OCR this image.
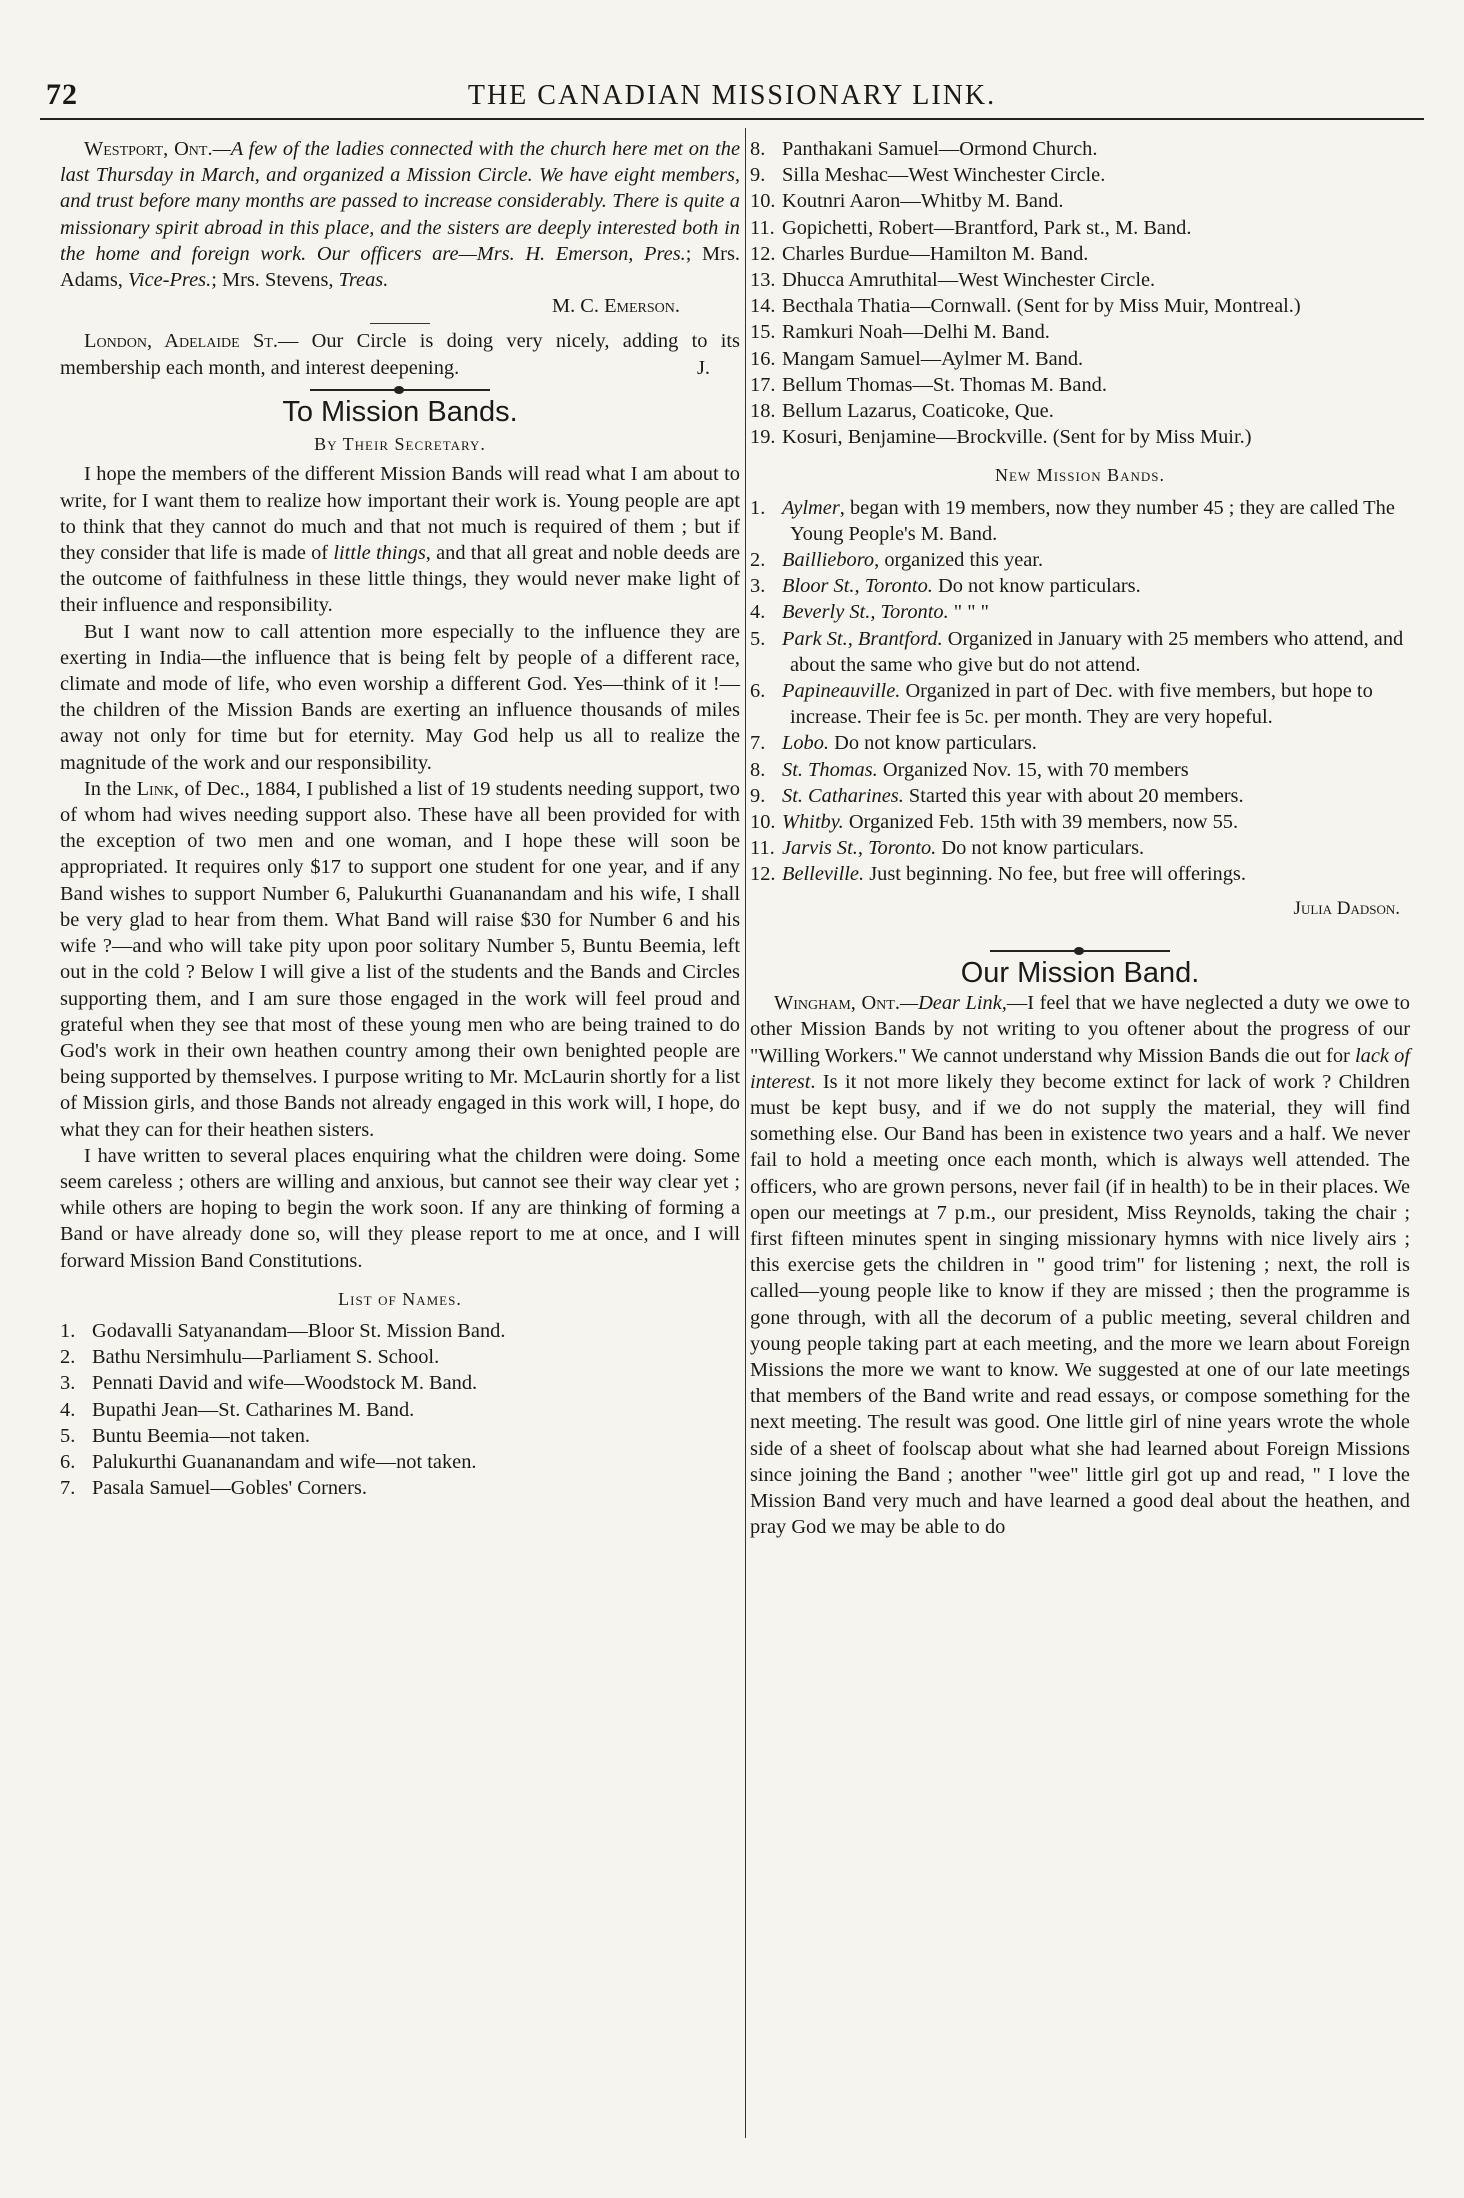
72	THE CANADIAN MISSIONARY LINK.

Westport, Ont.—A few of the ladies connected with the church here met on the last Thursday in March, and organized a Mission Circle. We have eight members, and trust before many months are passed to increase considerably. There is quite a missionary spirit abroad in this place, and the sisters are deeply interested both in the home and foreign work. Our officers are—Mrs. H. Emerson, Pres.; Mrs. Adams, Vice-Pres.; Mrs. Stevens, Treas.

M. C. Emerson.

London, Adelaide St.— Our Circle is doing very nicely, adding to its membership each month, and interest deepening.	J.

To Mission Bands.
By Their Secretary.

I hope the members of the different Mission Bands will read what I am about to write, for I want them to realize how important their work is. Young people are apt to think that they cannot do much and that not much is required of them ; but if they consider that life is made of little things, and that all great and noble deeds are the outcome of faithfulness in these little things, they would never make light of their influence and responsibility.

But I want now to call attention more especially to the influence they are exerting in India—the influence that is being felt by people of a different race, climate and mode of life, who even worship a different God. Yes—think of it !—the children of the Mission Bands are exerting an influence thousands of miles away not only for time but for eternity. May God help us all to realize the magnitude of the work and our responsibility.

In the Link, of Dec., 1884, I published a list of 19 students needing support, two of whom had wives needing support also. These have all been provided for with the exception of two men and one woman, and I hope these will soon be appropriated. It requires only $17 to support one student for one year, and if any Band wishes to support Number 6, Palukurthi Guananandam and his wife, I shall be very glad to hear from them. What Band will raise $30 for Number 6 and his wife ?—and who will take pity upon poor solitary Number 5, Buntu Beemia, left out in the cold ? Below I will give a list of the students and the Bands and Circles supporting them, and I am sure those engaged in the work will feel proud and grateful when they see that most of these young men who are being trained to do God's work in their own heathen country among their own benighted people are being supported by themselves. I purpose writing to Mr. McLaurin shortly for a list of Mission girls, and those Bands not already engaged in this work will, I hope, do what they can for their heathen sisters.

I have written to several places enquiring what the children were doing. Some seem careless ; others are willing and anxious, but cannot see their way clear yet ; while others are hoping to begin the work soon. If any are thinking of forming a Band or have already done so, will they please report to me at once, and I will forward Mission Band Constitutions.

List of Names.
1. Godavalli Satyanandam—Bloor St. Mission Band.
2. Bathu Nersimhulu—Parliament S. School.
3. Pennati David and wife—Woodstock M. Band.
4. Bupathi Jean—St. Catharines M. Band.
5. Buntu Beemia—not taken.
6. Palukurthi Guananandam and wife—not taken.
7. Pasala Samuel—Gobles' Corners.
8. Panthakani Samuel—Ormond Church.
9. Silla Meshac—West Winchester Circle.
10. Koutnri Aaron—Whitby M. Band.
11. Gopichetti, Robert—Brantford, Park st., M. Band.
12. Charles Burdue—Hamilton M. Band.
13. Dhucca Amruthital—West Winchester Circle.
14. Becthala Thatia—Cornwall. (Sent for by Miss Muir, Montreal.)
15. Ramkuri Noah—Delhi M. Band.
16. Mangam Samuel—Aylmer M. Band.
17. Bellum Thomas—St. Thomas M. Band.
18. Bellum Lazarus, Coaticoke, Que.
19. Kosuri, Benjamine—Brockville. (Sent for by Miss Muir.)
New Mission Bands.
1. Aylmer, began with 19 members, now they number 45 ; they are called The Young People's M. Band.
2. Baillieboro, organized this year.
3. Bloor St., Toronto. Do not know particulars.
4. Beverly St., Toronto. " " "
5. Park St., Brantford. Organized in January with 25 members who attend, and about the same who give but do not attend.
6. Papineauville. Organized in part of Dec. with five members, but hope to increase. Their fee is 5c. per month. They are very hopeful.
7. Lobo. Do not know particulars.
8. St. Thomas. Organized Nov. 15, with 70 members
9. St. Catharines. Started this year with about 20 members.
10. Whitby. Organized Feb. 15th with 39 members, now 55.
11. Jarvis St., Toronto. Do not know particulars.
12. Belleville. Just beginning. No fee, but free will offerings.

Julia Dadson.

Our Mission Band.

Wingham, Ont.—Dear Link,—I feel that we have neglected a duty we owe to other Mission Bands by not writing to you oftener about the progress of our "Willing Workers." We cannot understand why Mission Bands die out for lack of interest. Is it not more likely they become extinct for lack of work ? Children must be kept busy, and if we do not supply the material, they will find something else. Our Band has been in existence two years and a half. We never fail to hold a meeting once each month, which is always well attended. The officers, who are grown persons, never fail (if in health) to be in their places. We open our meetings at 7 p.m., our president, Miss Reynolds, taking the chair ; first fifteen minutes spent in singing missionary hymns with nice lively airs ; this exercise gets the children in " good trim" for listening ; next, the roll is called—young people like to know if they are missed ; then the programme is gone through, with all the decorum of a public meeting, several children and young people taking part at each meeting, and the more we learn about Foreign Missions the more we want to know. We suggested at one of our late meetings that members of the Band write and read essays, or compose something for the next meeting. The result was good. One little girl of nine years wrote the whole side of a sheet of foolscap about what she had learned about Foreign Missions since joining the Band ; another "wee" little girl got up and read, " I love the Mission Band very much and have learned a good deal about the heathen, and pray God we may be able to do
